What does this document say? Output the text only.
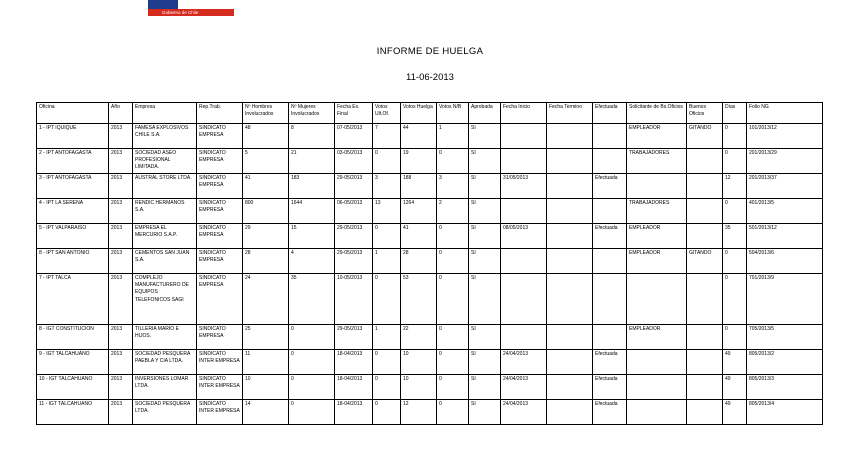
Gobierno de Chile
INFORME DE HUELGA
11-06-2013
Oficina	Año	Empresa	Rep.Trab.	Nº Hombres Involucrados	Nº Mujeres Involucrados	Fecha Ex. Final	Votos Ult.Of.	Votos Huelga	Votos N/B	Aprobada	Fecha Inicio	Fecha Termino	Efectuada	Solicitante de Bs.Oficios	Buenos Oficios	Días	Folio NG
1 - IPT IQUIQUE	2013	FAMESA EXPLOSIVOS CHILE S.A.	SINDICATO EMPRESA	48	8	07-05/2013	7	44	1	SI				EMPLEADOR	GITANDO	0	101/2013/12
2 - IPT ANTOFAGASTA	2013	SOCIEDAD ASEO PROFESIONAL LIMITADA.	SINDICATO EMPRESA	5	21	03-05/2013	0	19	0	SI				TRABAJADORES		0	201/2013/29
3 - IPT ANTOFAGASTA	2013	AUSTRAL STORE LTDA.	SINDICATO EMPRESA	41	183	29-05/2013	3	188	3	SI	31/05/2013		Efectuada			12	201/2013/37
4 - IPT LA SERENA	2013	RENDIC HERMANOS S.A.	SINDICATO EMPRESA	800	1644	06-05/2013	13	1264	2	SI				TRABAJADORES		0	401/2013/5
5 - IPT VALPARAISO	2013	EMPRESA EL MERCURIO S.A.P.	SINDICATO EMPRESA	29	15	29-05/2013	0	41	0	SI	08/05/2013		Efectuada	EMPLEADOR		35	501/2013/12
8 - IPT SAN ANTONIO	2013	CEMENTOS SAN JUAN S.A.	SINDICATO EMPRESA	28	4	29-05/2013	1	28	0	SI				EMPLEADOR	GITANDO	0	504/2013/6
7 - IPT TALCA	2013	COMPLEJO MANUFACTURERO DE EQUIPOS TELEFONICOS SAGI	SINDICATO EMPRESA	24	35	10-05/2013	0	53	0	SI						0	701/2013/9
8 - IGT CONSTITUCION	2013	TILLERIA MARIO E HIJOS.	SINDICATO EMPRESA	25	0	29-05/2013	1	22	0	SI				EMPLEADOR		0	705/2013/5
9 - IGT TALCAHUANO	2013	SOCIEDAD PESQUERA PAEBLA Y CIA LTDA.	SINDICATO INTER EMPRESA	11	0	18-04/2013	0	10	0	SI	24/04/2013		Efectuada			49	805/2013/2
10 - IGT TALCAHUANO	2013	INVERSIONES LOMAR LTDA.	SINDICATO INTER EMPRESA	10	0	18-04/2013	0	10	0	SI	24/04/2013		Efectuada			49	805/2013/3
11 - IGT TALCAHUANO	2013	SOCIEDAD PESQUERA LTDA.	SINDICATO INTER EMPRESA	14	0	18-04/2013	0	12	0	SI	24/04/2013		Efectuada			49	805/2013/4
